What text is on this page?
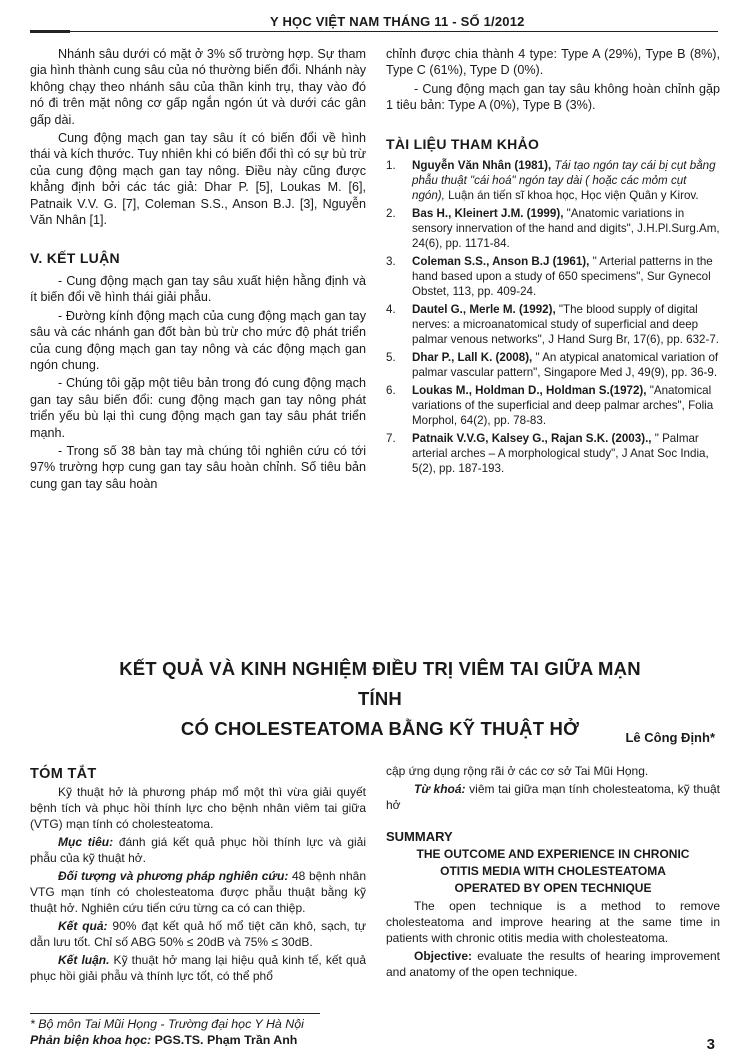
Y HỌC VIỆT NAM THÁNG 11 - SỐ 1/2012

Nhánh sâu dưới có mặt ở 3% số trường hợp. Sự tham gia hình thành cung sâu của nó thường biến đổi. Nhánh này không chạy theo nhánh sâu của thần kinh trụ, thay vào đó nó đi trên mặt nông cơ gấp ngắn ngón út và dưới các gân gấp dài.

Cung động mạch gan tay sâu ít có biến đổi về hình thái và kích thước. Tuy nhiên khi có biến đổi thì có sự bù trừ của cung động mạch gan tay nông. Điều này cũng được khẳng định bởi các tác giả: Dhar P. [5], Loukas M. [6], Patnaik V.V. G. [7], Coleman S.S., Anson B.J. [3], Nguyễn Văn Nhân [1].

V. KẾT LUẬN

- Cung động mạch gan tay sâu xuất hiện hằng định và ít biến đổi về hình thái giải phẫu.

- Đường kính động mạch của cung động mạch gan tay sâu và các nhánh gan đốt bàn bù trừ cho mức độ phát triển của cung động mạch gan tay nông và các động mạch gan ngón chung.

- Chúng tôi gặp một tiêu bản trong đó cung động mạch gan tay sâu biến đổi: cung động mạch gan tay nông phát triển yếu bù lại thì cung động mạch gan tay sâu phát triển mạnh.

- Trong số 38 bàn tay mà chúng tôi nghiên cứu có tới 97% trường hợp cung gan tay sâu hoàn chỉnh. Số tiêu bản cung gan tay sâu hoàn

chỉnh được chia thành 4 type: Type A (29%), Type B (8%), Type C (61%), Type D (0%).

- Cung động mạch gan tay sâu không hoàn chỉnh gặp 1 tiêu bản: Type A (0%), Type B (3%).

TÀI LIỆU THAM KHẢO
1.	Nguyễn Văn Nhân (1981), Tái tạo ngón tay cái bị cụt bằng phẫu thuật "cái hoá" ngón tay dài ( hoặc các mỏm cụt ngón), Luận án tiến sĩ khoa học, Học viện Quân y Kirov.
2.	Bas H., Kleinert J.M. (1999), "Anatomic variations in sensory innervation of the hand and digits", J.H.Pl.Surg.Am, 24(6), pp. 1171-84.
3.	Coleman S.S., Anson B.J (1961), " Arterial patterns in the hand based upon a study of 650 specimens", Sur Gynecol Obstet, 113, pp. 409-24.
4.	Dautel G., Merle M. (1992), "The blood supply of digital nerves: a microanatomical study of superficial and deep palmar venous networks", J Hand Surg Br, 17(6), pp. 632-7.
5.	Dhar P., Lall K. (2008), " An atypical anatomical variation of palmar vascular pattern", Singapore Med J, 49(9), pp. 36-9.
6.	Loukas M., Holdman D., Holdman S.(1972), "Anatomical variations of the superficial and deep palmar arches", Folia Morphol, 64(2), pp. 78-83.
7.	Patnaik V.V.G, Kalsey G., Rajan S.K. (2003)., " Palmar arterial arches – A morphological study", J Anat Soc India, 5(2), pp. 187-193.
KẾT QUẢ VÀ KINH NGHIỆM ĐIỀU TRỊ VIÊM TAI GIỮA MẠN TÍNH
CÓ CHOLESTEATOMA BẰNG KỸ THUẬT HỞ	Lê Công Định*
TÓM TẮT

Kỹ thuật hở là phương pháp mổ một thì vừa giải quyết bệnh tích và phục hồi thính lực cho bệnh nhân viêm tai giữa (VTG) mạn tính có cholesteatoma.

Mục tiêu: đánh giá kết quả phục hồi thính lực và giải phẫu của kỹ thuật hở.

Đối tượng và phương pháp nghiên cứu: 48 bệnh nhân VTG mạn tính có cholesteatoma được phẫu thuật bằng kỹ thuật hở. Nghiên cứu tiến cứu từng ca có can thiệp.

Kết quả: 90% đạt kết quả hố mổ tiệt căn khô, sạch, tự dẫn lưu tốt. Chỉ số ABG 50% ≤ 20dB và 75% ≤ 30dB.

Kết luận. Kỹ thuật hở mang lại hiệu quả kinh tế, kết quả phục hồi giải phẫu và thính lực tốt, có thể phổ

cập ứng dụng rộng rãi ở các cơ sở Tai Mũi Họng.

Từ khoá: viêm tai giữa mạn tính cholesteatoma, kỹ thuật hở

SUMMARY
THE OUTCOME AND EXPERIENCE IN CHRONIC
OTITIS MEDIA WITH CHOLESTEATOMA
OPERATED BY OPEN TECHNIQUE

The open technique is a method to remove cholesteatoma and improve hearing at the same time in patients with chronic otitis media with cholesteatoma.

Objective: evaluate the results of hearing improvement and anatomy of the open technique.

* Bộ môn Tai Mũi Họng - Trường đại học Y Hà Nội
Phản biện khoa học: PGS.TS. Phạm Trần Anh	3
